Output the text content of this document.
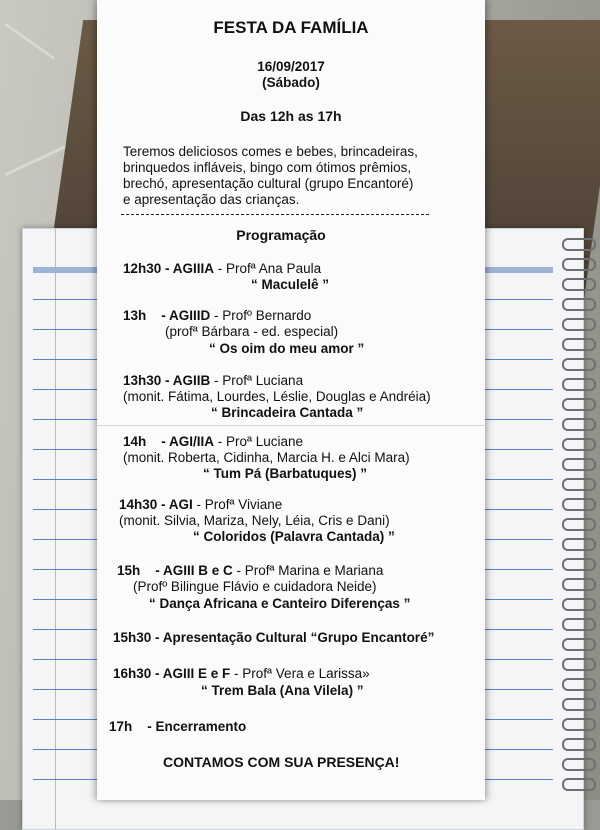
FESTA DA FAMÍLIA
16/09/2017
(Sábado)
Das 12h as 17h
Teremos deliciosos comes e bebes, brincadeiras,
brinquedos infláveis, bingo com ótimos prêmios,
brechó, apresentação cultural (grupo Encantoré)
e apresentação das crianças.
Programação
12h30 - AGIIIA - Profª Ana Paula
“ Maculelê ”
13h    - AGIIID - Profº Bernardo
(profª Bárbara - ed. especial)
“ Os oim do meu amor ”
13h30 - AGIIB - Profª Luciana
(monit. Fátima, Lourdes, Léslie, Douglas e Andréia)
“ Brincadeira Cantada ”
14h    - AGI/IIA - Proª Luciane
(monit. Roberta, Cidinha, Marcia H. e Alci Mara)
“ Tum Pá (Barbatuques) ”
14h30 - AGI - Profª Viviane
(monit. Silvia, Mariza, Nely, Léia, Cris e Dani)
“ Coloridos (Palavra Cantada) ”
15h    - AGIII B e C - Profª Marina e Mariana
(Profº Bilingue Flávio e cuidadora Neide)
“ Dança Africana e Canteiro Diferenças ”
15h30 - Apresentação Cultural “Grupo Encantoré”
16h30 - AGIII E e F - Profª Vera e Larissa»
“ Trem Bala (Ana Vilela) ”
17h    - Encerramento
CONTAMOS COM SUA PRESENÇA!
